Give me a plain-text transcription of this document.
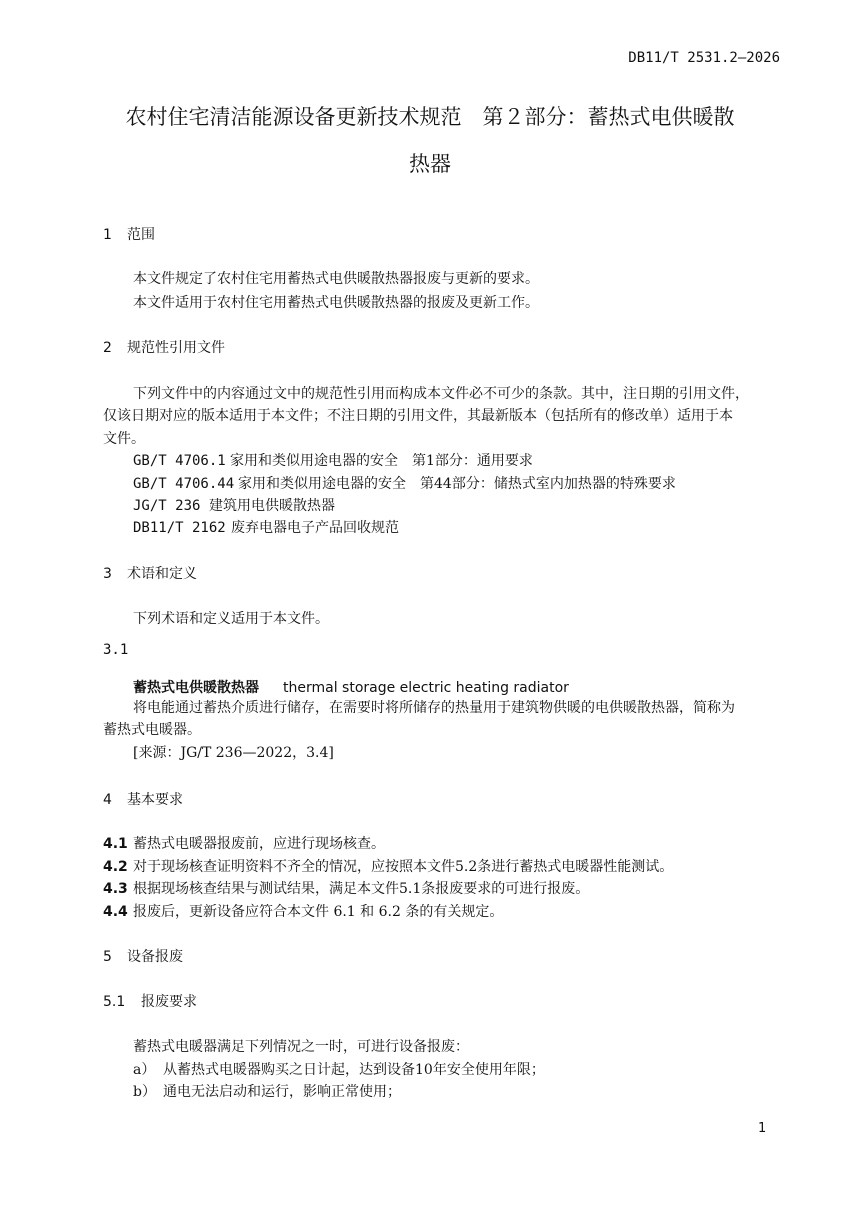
DB11/T 2531.2—2026
农村住宅清洁能源设备更新技术规范　第２部分：蓄热式电供暖散
热器
1 范围
本文件规定了农村住宅用蓄热式电供暖散热器报废与更新的要求。
本文件适用于农村住宅用蓄热式电供暖散热器的报废及更新工作。
2 规范性引用文件
下列文件中的内容通过文中的规范性引用而构成本文件必不可少的条款。其中，注日期的引用文件，
仅该日期对应的版本适用于本文件；不注日期的引用文件，其最新版本（包括所有的修改单）适用于本
文件。
GB/T 4706.1 家用和类似用途电器的安全　第1部分：通用要求
GB/T 4706.44 家用和类似用途电器的安全　第44部分：储热式室内加热器的特殊要求
JG/T 236 建筑用电供暖散热器
DB11/T 2162 废弃电器电子产品回收规范
3 术语和定义
下列术语和定义适用于本文件。
3.1
蓄热式电供暖散热器 thermal storage electric heating radiator
将电能通过蓄热介质进行储存，在需要时将所储存的热量用于建筑物供暖的电供暖散热器，简称为
蓄热式电暖器。
[来源：JG/T 236—2022，3.4]
4 基本要求
4.1 蓄热式电暖器报废前，应进行现场核查。
4.2 对于现场核查证明资料不齐全的情况，应按照本文件5.2条进行蓄热式电暖器性能测试。
4.3 根据现场核查结果与测试结果，满足本文件5.1条报废要求的可进行报废。
4.4 报废后，更新设备应符合本文件 6.1 和 6.2 条的有关规定。
5 设备报废
5.1 报废要求
蓄热式电暖器满足下列情况之一时，可进行设备报废：
a） 从蓄热式电暖器购买之日计起，达到设备10年安全使用年限；
b） 通电无法启动和运行，影响正常使用；
1
